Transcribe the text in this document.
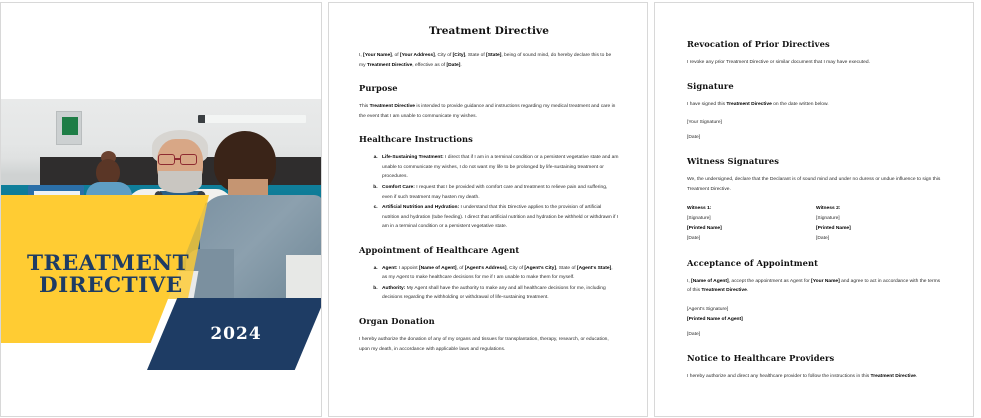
TREATMENT
DIRECTIVE
2024
Treatment Directive

I, [Your Name], of [Your Address], City of [City], State of [State], being of sound mind, do hereby declare this to be my Treatment Directive, effective as of [Date].

Purpose

This Treatment Directive is intended to provide guidance and instructions regarding my medical treatment and care in the event that I am unable to communicate my wishes.

Healthcare Instructions
a. Life-Sustaining Treatment: I direct that if I am in a terminal condition or a persistent vegetative state and am unable to communicate my wishes, I do not want my life to be prolonged by life-sustaining treatment or procedures.
b. Comfort Care: I request that I be provided with comfort care and treatment to relieve pain and suffering, even if such treatment may hasten my death.
c. Artificial Nutrition and Hydration: I understand that this Directive applies to the provision of artificial nutrition and hydration (tube feeding). I direct that artificial nutrition and hydration be withheld or withdrawn if I am in a terminal condition or a persistent vegetative state.
Appointment of Healthcare Agent
a. Agent: I appoint [Name of Agent], of [Agent's Address], City of [Agent's City], State of [Agent's State], as my Agent to make healthcare decisions for me if I am unable to make them for myself.
b. Authority: My Agent shall have the authority to make any and all healthcare decisions for me, including decisions regarding the withholding or withdrawal of life-sustaining treatment.
Organ Donation

I hereby authorize the donation of any of my organs and tissues for transplantation, therapy, research, or education, upon my death, in accordance with applicable laws and regulations.

Revocation of Prior Directives

I revoke any prior Treatment Directive or similar document that I may have executed.

Signature

I have signed this Treatment Directive on the date written below.

[Your Signature]
[Date]
Witness Signatures

We, the undersigned, declare that the Declarant is of sound mind and under no duress or undue influence to sign this Treatment Directive.

Witness 1:
[Signature]
[Printed Name]
[Date]
Witness 2:
[Signature]
[Printed Name]
[Date]
Acceptance of Appointment

I, [Name of Agent], accept the appointment as Agent for [Your Name] and agree to act in accordance with the terms of this Treatment Directive.

[Agent's Signature]
[Printed Name of Agent]
[Date]
Notice to Healthcare Providers

I hereby authorize and direct any healthcare provider to follow the instructions in this Treatment Directive.
